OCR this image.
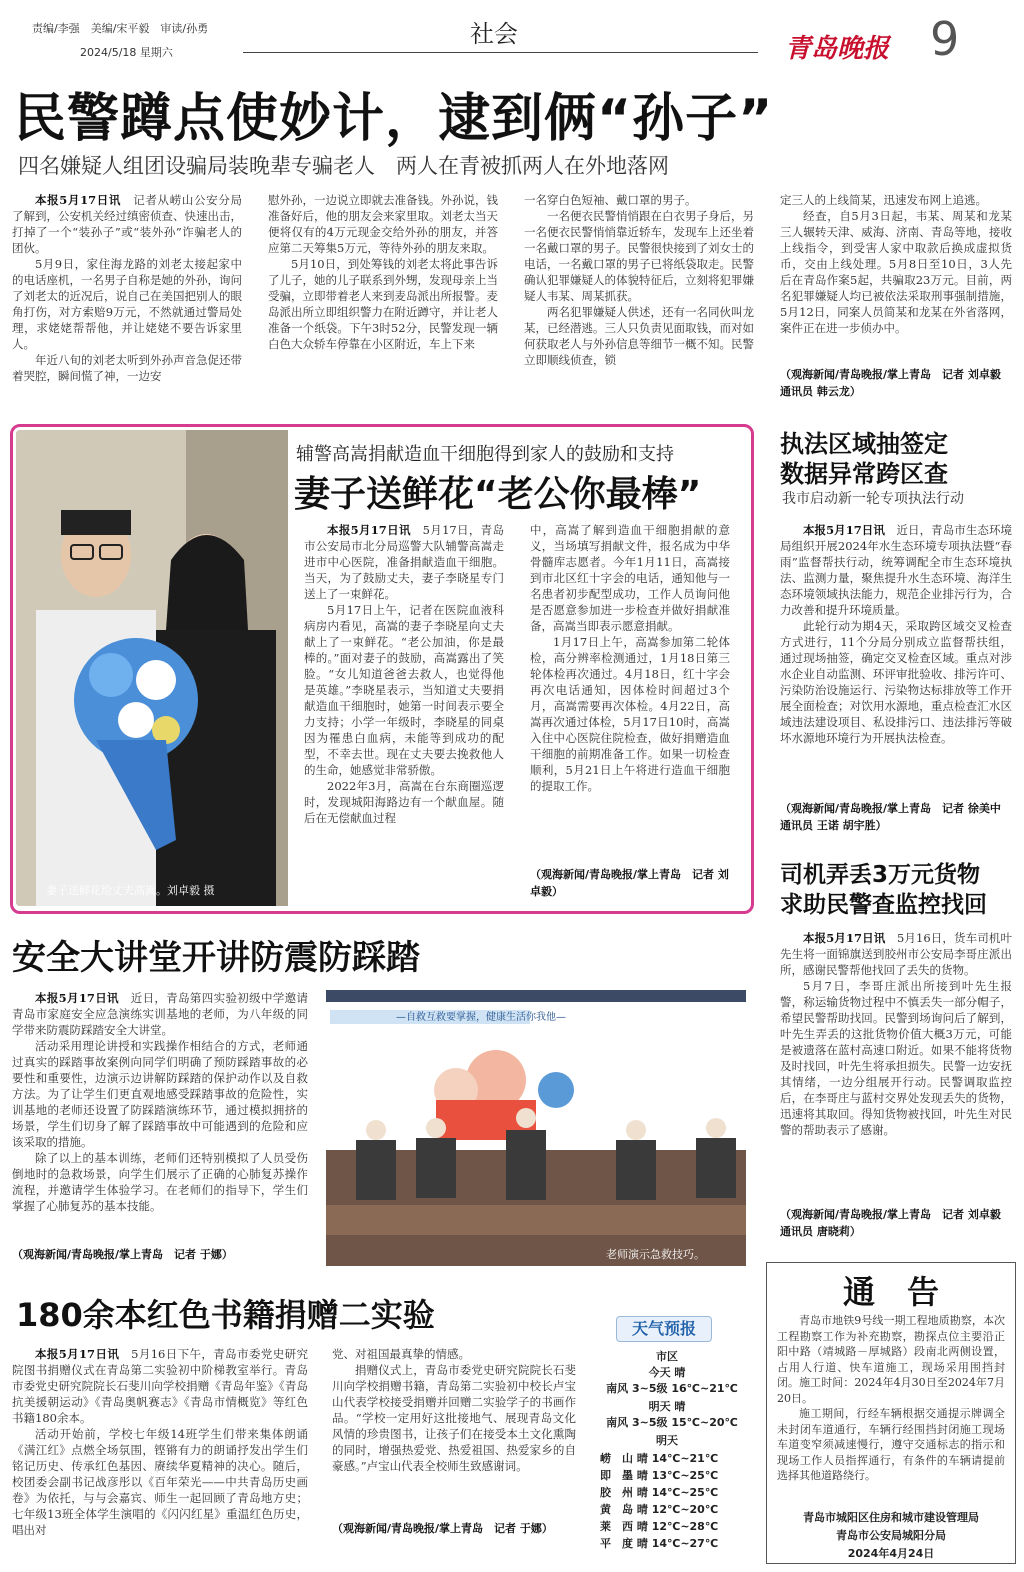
责编/李强　美编/宋平毅　审读/孙勇
2024/5/18 星期六
社会	青岛晚报 9
民警蹲点使妙计，逮到俩“孙子”
四名嫌疑人组团设骗局装晚辈专骗老人　两人在青被抓两人在外地落网

本报5月17日讯　 记者从崂山公安分局了解到，公安机关经过缜密侦查、快速出击，打掉了一个“装孙子”或“装外孙”诈骗老人的团伙。

5月9日，家住海龙路的刘老太接起家中的电话座机，一名男子自称是她的外孙，询问了刘老太的近况后，说自己在美国把别人的眼角打伤，对方索赔9万元，不然就通过警局处理，求姥姥帮帮他，并让姥姥不要告诉家里人。

年近八旬的刘老太听到外孙声音急促还带着哭腔，瞬间慌了神，一边安

慰外孙，一边说立即就去准备钱。外孙说，钱准备好后，他的朋友会来家里取。刘老太当天便将仅有的4万元现金交给外孙的朋友，并答应第二天筹集5万元，等待外孙的朋友来取。

5月10日，到处筹钱的刘老太将此事告诉了儿子，她的儿子联系到外甥，发现母亲上当受骗，立即带着老人来到麦岛派出所报警。麦岛派出所立即组织警力在附近蹲守，并让老人准备一个纸袋。下午3时52分，民警发现一辆白色大众轿车停靠在小区附近，车上下来

一名穿白色短袖、戴口罩的男子。

一名便衣民警悄悄跟在白衣男子身后，另一名便衣民警悄悄靠近轿车，发现车上还坐着一名戴口罩的男子。民警很快接到了刘女士的电话，一名戴口罩的男子已将纸袋取走。民警确认犯罪嫌疑人的体貌特征后，立刻将犯罪嫌疑人韦某、周某抓获。

两名犯罪嫌疑人供述，还有一名同伙叫龙某，已经潜逃。三人只负责见面取钱，而对如何获取老人与外孙信息等细节一概不知。民警立即顺线侦查，锁

定三人的上线简某，迅速发布网上追逃。

经查，自5月3日起，韦某、周某和龙某三人辗转天津、威海、济南、青岛等地，接收上线指令，到受害人家中取款后换成虚拟货币，交由上线处理。5月8日至10日，3人先后在青岛作案5起，共骗取23万元。目前，两名犯罪嫌疑人均已被依法采取刑事强制措施，5月12日，同案人员简某和龙某在外省落网，案件正在进一步侦办中。

（观海新闻/青岛晚报/掌上青岛　记者 刘卓毅 通讯员 韩云龙）
妻子送鲜花给丈夫高嵩。刘卓毅 摄
辅警高嵩捐献造血干细胞得到家人的鼓励和支持
妻子送鲜花“老公你最棒”

本报5月17日讯　 5月17日，青岛市公安局市北分局巡警大队辅警高嵩走进市中心医院，准备捐献造血干细胞。当天，为了鼓励丈夫，妻子李晓星专门送上了一束鲜花。

5月17日上午，记者在医院血液科病房内看见，高嵩的妻子李晓星向丈夫献上了一束鲜花。“老公加油，你是最棒的。”面对妻子的鼓励，高嵩露出了笑脸。“女儿知道爸爸去救人，也觉得他是英雄。”李晓星表示，当知道丈夫要捐献造血干细胞时，她第一时间表示要全力支持；小学一年级时，李晓星的同桌因为罹患白血病，未能等到成功的配型，不幸去世。现在丈夫要去挽救他人的生命，她感觉非常骄傲。

2022年3月，高嵩在台东商圈巡逻时，发现城阳海路边有一个献血屋。随后在无偿献血过程

中，高嵩了解到造血干细胞捐献的意义，当场填写捐献文件，报名成为中华骨髓库志愿者。今年1月11日，高嵩接到市北区红十字会的电话，通知他与一名患者初步配型成功，工作人员询问他是否愿意参加进一步检查并做好捐献准备，高嵩当即表示愿意捐献。

1月17日上午，高嵩参加第二轮体检，高分辨率检测通过，1月18日第三轮体检再次通过。4月18日，红十字会再次电话通知，因体检时间超过3个月，高嵩需要再次体检。4月22日，高嵩再次通过体检，5月17日10时，高嵩入住中心医院住院检查，做好捐赠造血干细胞的前期准备工作。如果一切检查顺利，5月21日上午将进行造血干细胞的提取工作。

（观海新闻/青岛晚报/掌上青岛　记者 刘卓毅）
执法区域抽签定
数据异常跨区查
我市启动新一轮专项执法行动

本报5月17日讯　 近日，青岛市生态环境局组织开展2024年水生态环境专项执法暨“春雨”监督帮扶行动，统筹调配全市生态环境执法、监测力量，聚焦提升水生态环境、海洋生态环境领域执法能力，规范企业排污行为，合力改善和提升环境质量。

此轮行动为期4天，采取跨区域交叉检查方式进行，11个分局分别成立监督帮扶组，通过现场抽签，确定交叉检查区域。重点对涉水企业自动监测、环评审批验收、排污许可、污染防治设施运行、污染物达标排放等工作开展全面检查；对饮用水源地，重点检查汇水区域违法建设项目、私设排污口、违法排污等破坏水源地环境行为开展执法检查。

（观海新闻/青岛晚报/掌上青岛　记者 徐美中 通讯员 王诺 胡宇胜）
司机弄丢3万元货物
求助民警查监控找回

本报5月17日讯　 5月16日，货车司机叶先生将一面锦旗送到胶州市公安局李哥庄派出所，感谢民警帮他找回了丢失的货物。

5月7日，李哥庄派出所接到叶先生报警，称运输货物过程中不慎丢失一部分帽子，希望民警帮助找回。民警到场询问后了解到，叶先生弄丢的这批货物价值大概3万元，可能是被遗落在蓝村高速口附近。如果不能将货物及时找回，叶先生将承担损失。民警一边安抚其情绪，一边分组展开行动。民警调取监控后，在李哥庄与蓝村交界处发现丢失的货物，迅速将其取回。得知货物被找回，叶先生对民警的帮助表示了感谢。

（观海新闻/青岛晚报/掌上青岛　记者 刘卓毅 通讯员 唐晓莉）
安全大讲堂开讲防震防踩踏

本报5月17日讯　 近日，青岛第四实验初级中学邀请青岛市家庭安全应急演练实训基地的老师，为八年级的同学带来防震防踩踏安全大讲堂。

活动采用理论讲授和实践操作相结合的方式，老师通过真实的踩踏事故案例向同学们明确了预防踩踏事故的必要性和重要性，边演示边讲解防踩踏的保护动作以及自救方法。为了让学生们更直观地感受踩踏事故的危险性，实训基地的老师还设置了防踩踏演练环节，通过模拟拥挤的场景，学生们切身了解了踩踏事故中可能遇到的危险和应该采取的措施。

除了以上的基本训练，老师们还特别模拟了人员受伤倒地时的急救场景，向学生们展示了正确的心肺复苏操作流程，并邀请学生体验学习。在老师们的指导下，学生们掌握了心肺复苏的基本技能。

（观海新闻/青岛晚报/掌上青岛　记者 于娜）
—自救互救要掌握，健康生活你我他—
老师演示急救技巧。
180余本红色书籍捐赠二实验

本报5月17日讯　 5月16日下午，青岛市委党史研究院图书捐赠仪式在青岛第二实验初中阶梯教室举行。青岛市委党史研究院院长石斐川向学校捐赠《青岛年鉴》《青岛抗美援朝运动》《青岛奥帆赛志》《青岛市情概览》等红色书籍180余本。

活动开始前，学校七年级14班学生们带来集体朗诵《满江红》点燃全场氛围，铿锵有力的朗诵抒发出学生们铭记历史、传承红色基因、赓续华夏精神的决心。随后，校团委会副书记战彦彤以《百年荣光——中共青岛历史画卷》为依托，与与会嘉宾、师生一起回顾了青岛地方史；七年级13班全体学生演唱的《闪闪红星》重温红色历史，唱出对

党、对祖国最真挚的情感。

捐赠仪式上，青岛市委党史研究院院长石斐川向学校捐赠书籍，青岛第二实验初中校长卢宝山代表学校接受捐赠并回赠二实验学子的书画作品。“学校一定用好这批接地气、展现青岛文化风情的珍贵图书，让孩子们在接受本土文化熏陶的同时，增强热爱党、热爱祖国、热爱家乡的自豪感。”卢宝山代表全校师生致感谢词。

（观海新闻/青岛晚报/掌上青岛　记者 于娜）
天气预报
市区
今天 晴
南风 3~5级 16℃~21℃
明天 晴
南风 3~5级 15℃~20℃
明天
崂　山 晴 14℃~21℃
即　墨 晴 13℃~25℃
胶　州 晴 14℃~25℃
黄　岛 晴 12℃~20℃
莱　西 晴 12℃~28℃
平　度 晴 14℃~27℃
通　告

青岛市地铁9号线一期工程地质勘察，本次工程勘察工作为补充勘察，勘探点位主要沿正阳中路（靖城路－厚城路）段南北两侧设置，占用人行道、快车道施工，现场采用围挡封闭。施工时间：2024年4月30日至2024年7月20日。

施工期间，行经车辆根据交通提示牌调全未封闭车道通行，车辆行经围挡封闭施工现场车道变窄须减速慢行，遵守交通标志的指示和现场工作人员指挥通行，有条件的车辆请提前选择其他道路绕行。

青岛市城阳区住房和城市建设管理局
青岛市公安局城阳分局
2024年4月24日
